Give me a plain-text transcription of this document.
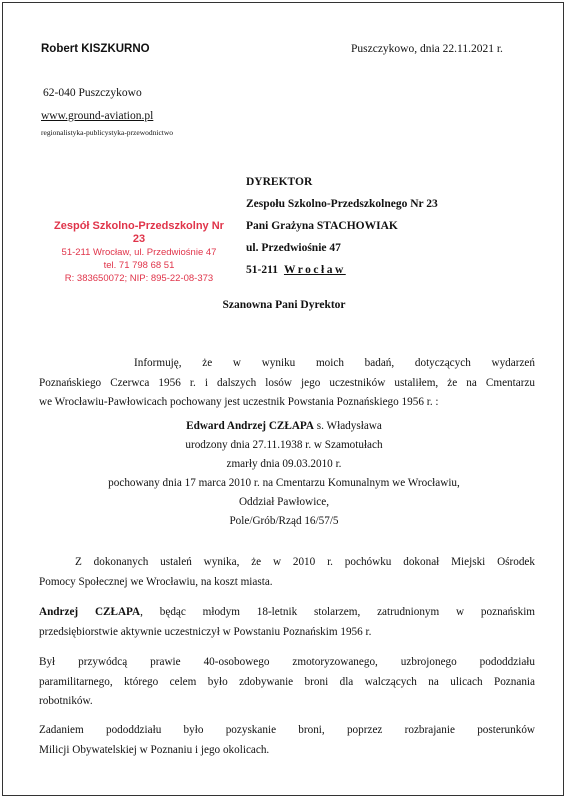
Robert KISZKURNO	Puszczykowo, dnia 22.11.2021 r.
62-040 Puszczykowo
www.ground-aviation.pl
regionalistyka-publicystyka-przewodnictwo
DYREKTOR
Zespołu Szkolno-Przedszkolnego Nr 23
Pani Grażyna STACHOWIAK
ul. Przedwiośnie 47
51-211 Wrocław
Zespół Szkolno-Przedszkolny Nr 23
51-211 Wrocław, ul. Przedwiośnie 47
tel. 71 798 68 51
R: 383650072; NIP: 895-22-08-373
Szanowna Pani Dyrektor
Informuję, że w wyniku moich badań, dotyczących wydarzeń
Poznańskiego Czerwca 1956 r. i dalszych losów jego uczestników ustaliłem, że na Cmentarzu
we Wrocławiu-Pawłowicach pochowany jest uczestnik Powstania Poznańskiego 1956 r. :
Edward Andrzej CZŁAPA s. Władysława
urodzony dnia 27.11.1938 r. w Szamotułach
zmarły dnia 09.03.2010 r.
pochowany dnia 17 marca 2010 r. na Cmentarzu Komunalnym we Wrocławiu,
Oddział Pawłowice,
Pole/Grób/Rząd 16/57/5
Z dokonanych ustaleń wynika, że w 2010 r. pochówku dokonał Miejski Ośrodek
Pomocy Społecznej we Wrocławiu, na koszt miasta.
Andrzej CZŁAPA, będąc młodym 18-letnik stolarzem, zatrudnionym w poznańskim
przedsiębiorstwie aktywnie uczestniczył w Powstaniu Poznańskim 1956 r.
Był przywódcą prawie 40-osobowego zmotoryzowanego, uzbrojonego pododdziału
paramilitarnego, którego celem było zdobywanie broni dla walczących na ulicach Poznania
robotników.
Zadaniem pododdziału było pozyskanie broni, poprzez rozbrajanie posterunków
Milicji Obywatelskiej w Poznaniu i jego okolicach.
